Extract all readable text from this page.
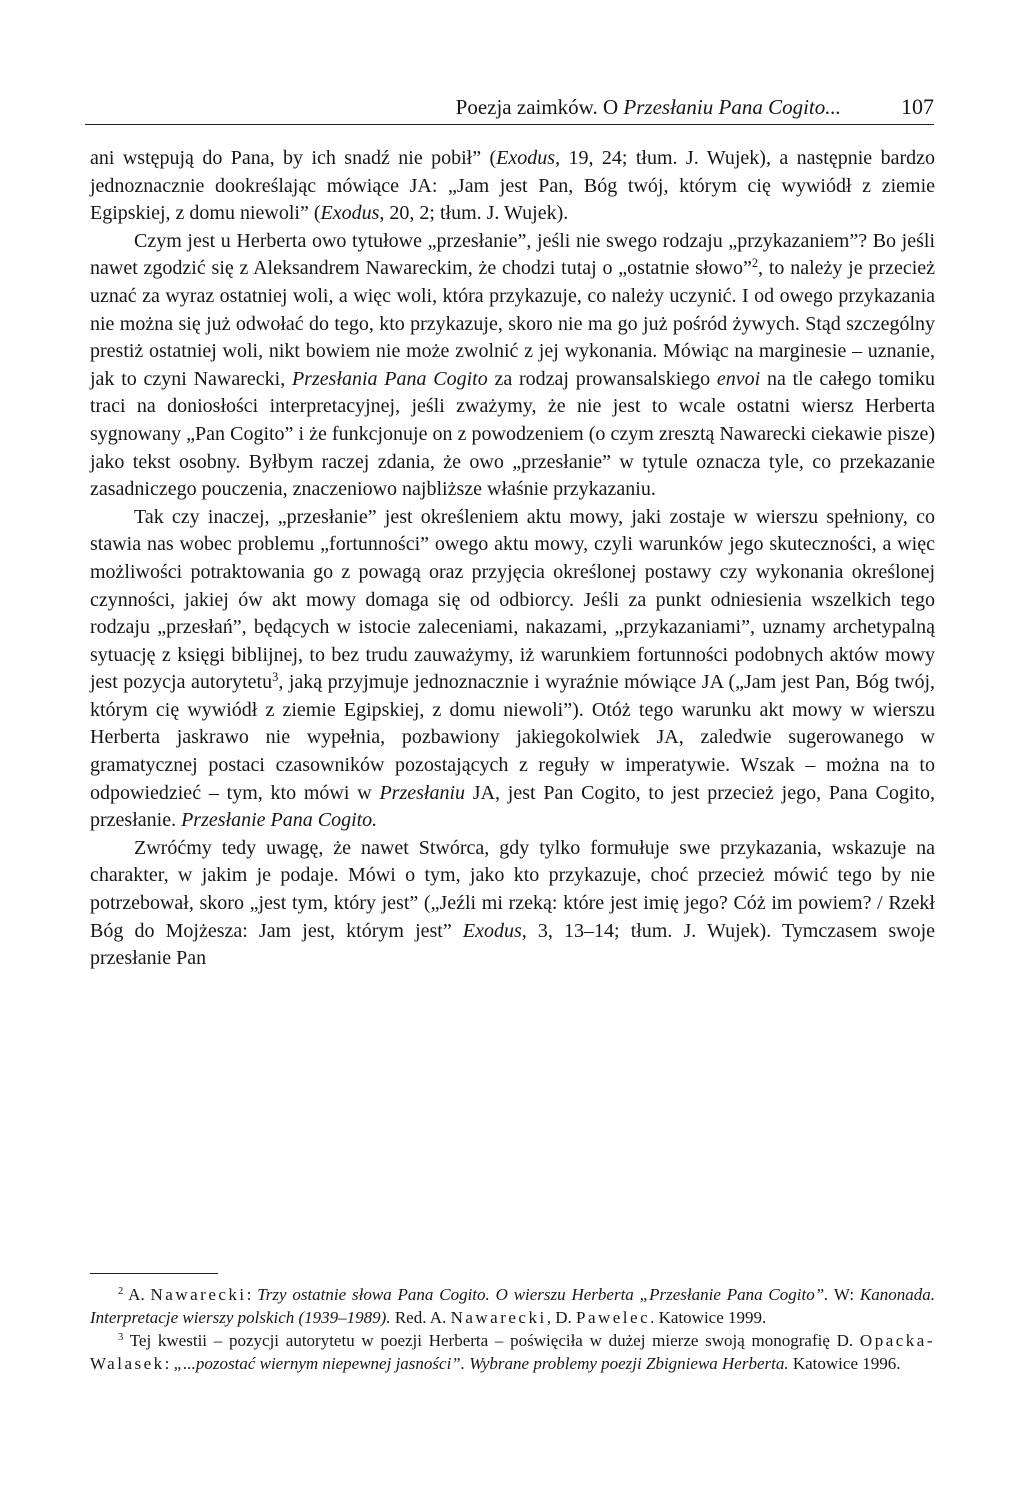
Poezja zaimków. O Przesłaniu Pana Cogito...	107

ani wstępują do Pana, by ich snadź nie pobił” (Exodus, 19, 24; tłum. J. Wujek), a następnie bardzo jednoznacznie dookreślając mówiące JA: „Jam jest Pan, Bóg twój, którym cię wywiódł z ziemie Egipskiej, z domu niewoli” (Exodus, 20, 2; tłum. J. Wujek).

Czym jest u Herberta owo tytułowe „przesłanie”, jeśli nie swego rodzaju „przykazaniem”? Bo jeśli nawet zgodzić się z Aleksandrem Nawareckim, że chodzi tutaj o „ostatnie słowo”$^2$, to należy je przecież uznać za wyraz ostatniej woli, a więc woli, która przykazuje, co należy uczynić. I od owego przykazania nie można się już odwołać do tego, kto przykazuje, skoro nie ma go już pośród żywych. Stąd szczególny prestiż ostatniej woli, nikt bowiem nie może zwolnić z jej wykonania. Mówiąc na marginesie – uznanie, jak to czyni Nawarecki, Przesłania Pana Cogito za rodzaj prowansalskiego envoi na tle całego tomiku traci na doniosłości interpretacyjnej, jeśli zważymy, że nie jest to wcale ostatni wiersz Herberta sygnowany „Pan Cogito” i że funkcjonuje on z powodzeniem (o czym zresztą Nawarecki ciekawie pisze) jako tekst osobny. Byłbym raczej zdania, że owo „przesłanie” w tytule oznacza tyle, co przekazanie zasadniczego pouczenia, znaczeniowo najbliższe właśnie przykazaniu.

Tak czy inaczej, „przesłanie” jest określeniem aktu mowy, jaki zostaje w wierszu spełniony, co stawia nas wobec problemu „fortunności” owego aktu mowy, czyli warunków jego skuteczności, a więc możliwości potraktowania go z powagą oraz przyjęcia określonej postawy czy wykonania określonej czynności, jakiej ów akt mowy domaga się od odbiorcy. Jeśli za punkt odniesienia wszelkich tego rodzaju „przesłań”, będących w istocie zaleceniami, nakazami, „przykazaniami”, uznamy archetypalną sytuację z księgi biblijnej, to bez trudu zauważymy, iż warunkiem fortunności podobnych aktów mowy jest pozycja autorytetu$^3$, jaką przyjmuje jednoznacznie i wyraźnie mówiące JA („Jam jest Pan, Bóg twój, którym cię wywiódł z ziemie Egipskiej, z domu niewoli”). Otóż tego warunku akt mowy w wierszu Herberta jaskrawo nie wypełnia, pozbawiony jakiegokolwiek JA, zaledwie sugerowanego w gramatycznej postaci czasowników pozostających z reguły w imperatywie. Wszak – można na to odpowiedzieć – tym, kto mówi w Przesłaniu JA, jest Pan Cogito, to jest przecież jego, Pana Cogito, przesłanie. Przesłanie Pana Cogito.

Zwróćmy tedy uwagę, że nawet Stwórca, gdy tylko formułuje swe przykazania, wskazuje na charakter, w jakim je podaje. Mówi o tym, jako kto przykazuje, choć przecież mówić tego by nie potrzebował, skoro „jest tym, który jest” („Jeźli mi rzeką: które jest imię jego? Cóż im powiem? / Rzekł Bóg do Mojżesza: Jam jest, którym jest” Exodus, 3, 13–14; tłum. J. Wujek). Tymczasem swoje przesłanie Pan

$^2$ A. Nawarecki: Trzy ostatnie słowa Pana Cogito. O wierszu Herberta „Przesłanie Pana Cogito”. W: Kanonada. Interpretacje wierszy polskich (1939–1989). Red. A. Nawarecki, D. Pawelec. Katowice 1999.

$^3$ Tej kwestii – pozycji autorytetu w poezji Herberta – poświęciła w dużej mierze swoją monografię D. Opacka-Walasek: „...pozostać wiernym niepewnej jasności”. Wybrane problemy poezji Zbigniewa Herberta. Katowice 1996.
